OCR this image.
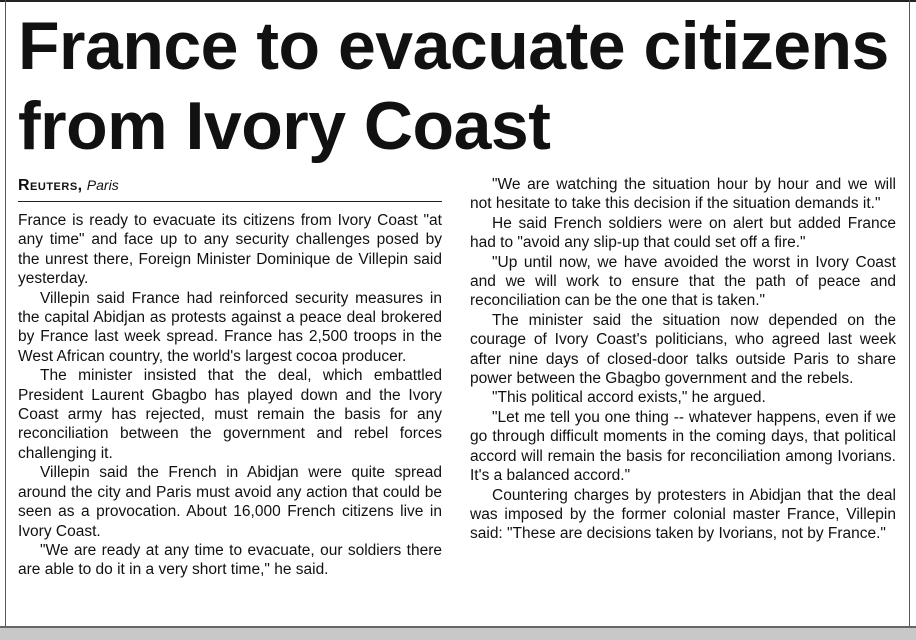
France to evacuate citizens
from Ivory Coast
Reuters, Paris

France is ready to evacuate its citizens from Ivory Coast "at any time" and face up to any security challenges posed by the unrest there, Foreign Minister Dominique de Villepin said yesterday.

Villepin said France had reinforced security measures in the capital Abidjan as protests against a peace deal brokered by France last week spread. France has 2,500 troops in the West African country, the world's largest cocoa producer.

The minister insisted that the deal, which embattled President Laurent Gbagbo has played down and the Ivory Coast army has rejected, must remain the basis for any reconciliation between the government and rebel forces challenging it.

Villepin said the French in Abidjan were quite spread around the city and Paris must avoid any action that could be seen as a provocation. About 16,000 French citizens live in Ivory Coast.

"We are ready at any time to evacuate, our soldiers there are able to do it in a very short time," he said.

"We are watching the situation hour by hour and we will not hesitate to take this decision if the situation demands it."

He said French soldiers were on alert but added France had to "avoid any slip-up that could set off a fire."

"Up until now, we have avoided the worst in Ivory Coast and we will work to ensure that the path of peace and reconciliation can be the one that is taken."

The minister said the situation now depended on the courage of Ivory Coast's politicians, who agreed last week after nine days of closed-door talks outside Paris to share power between the Gbagbo government and the rebels.

"This political accord exists," he argued.

"Let me tell you one thing -- whatever happens, even if we go through difficult moments in the coming days, that political accord will remain the basis for reconciliation among Ivorians. It's a balanced accord."

Countering charges by protesters in Abidjan that the deal was imposed by the former colonial master France, Villepin said: "These are decisions taken by Ivorians, not by France."
